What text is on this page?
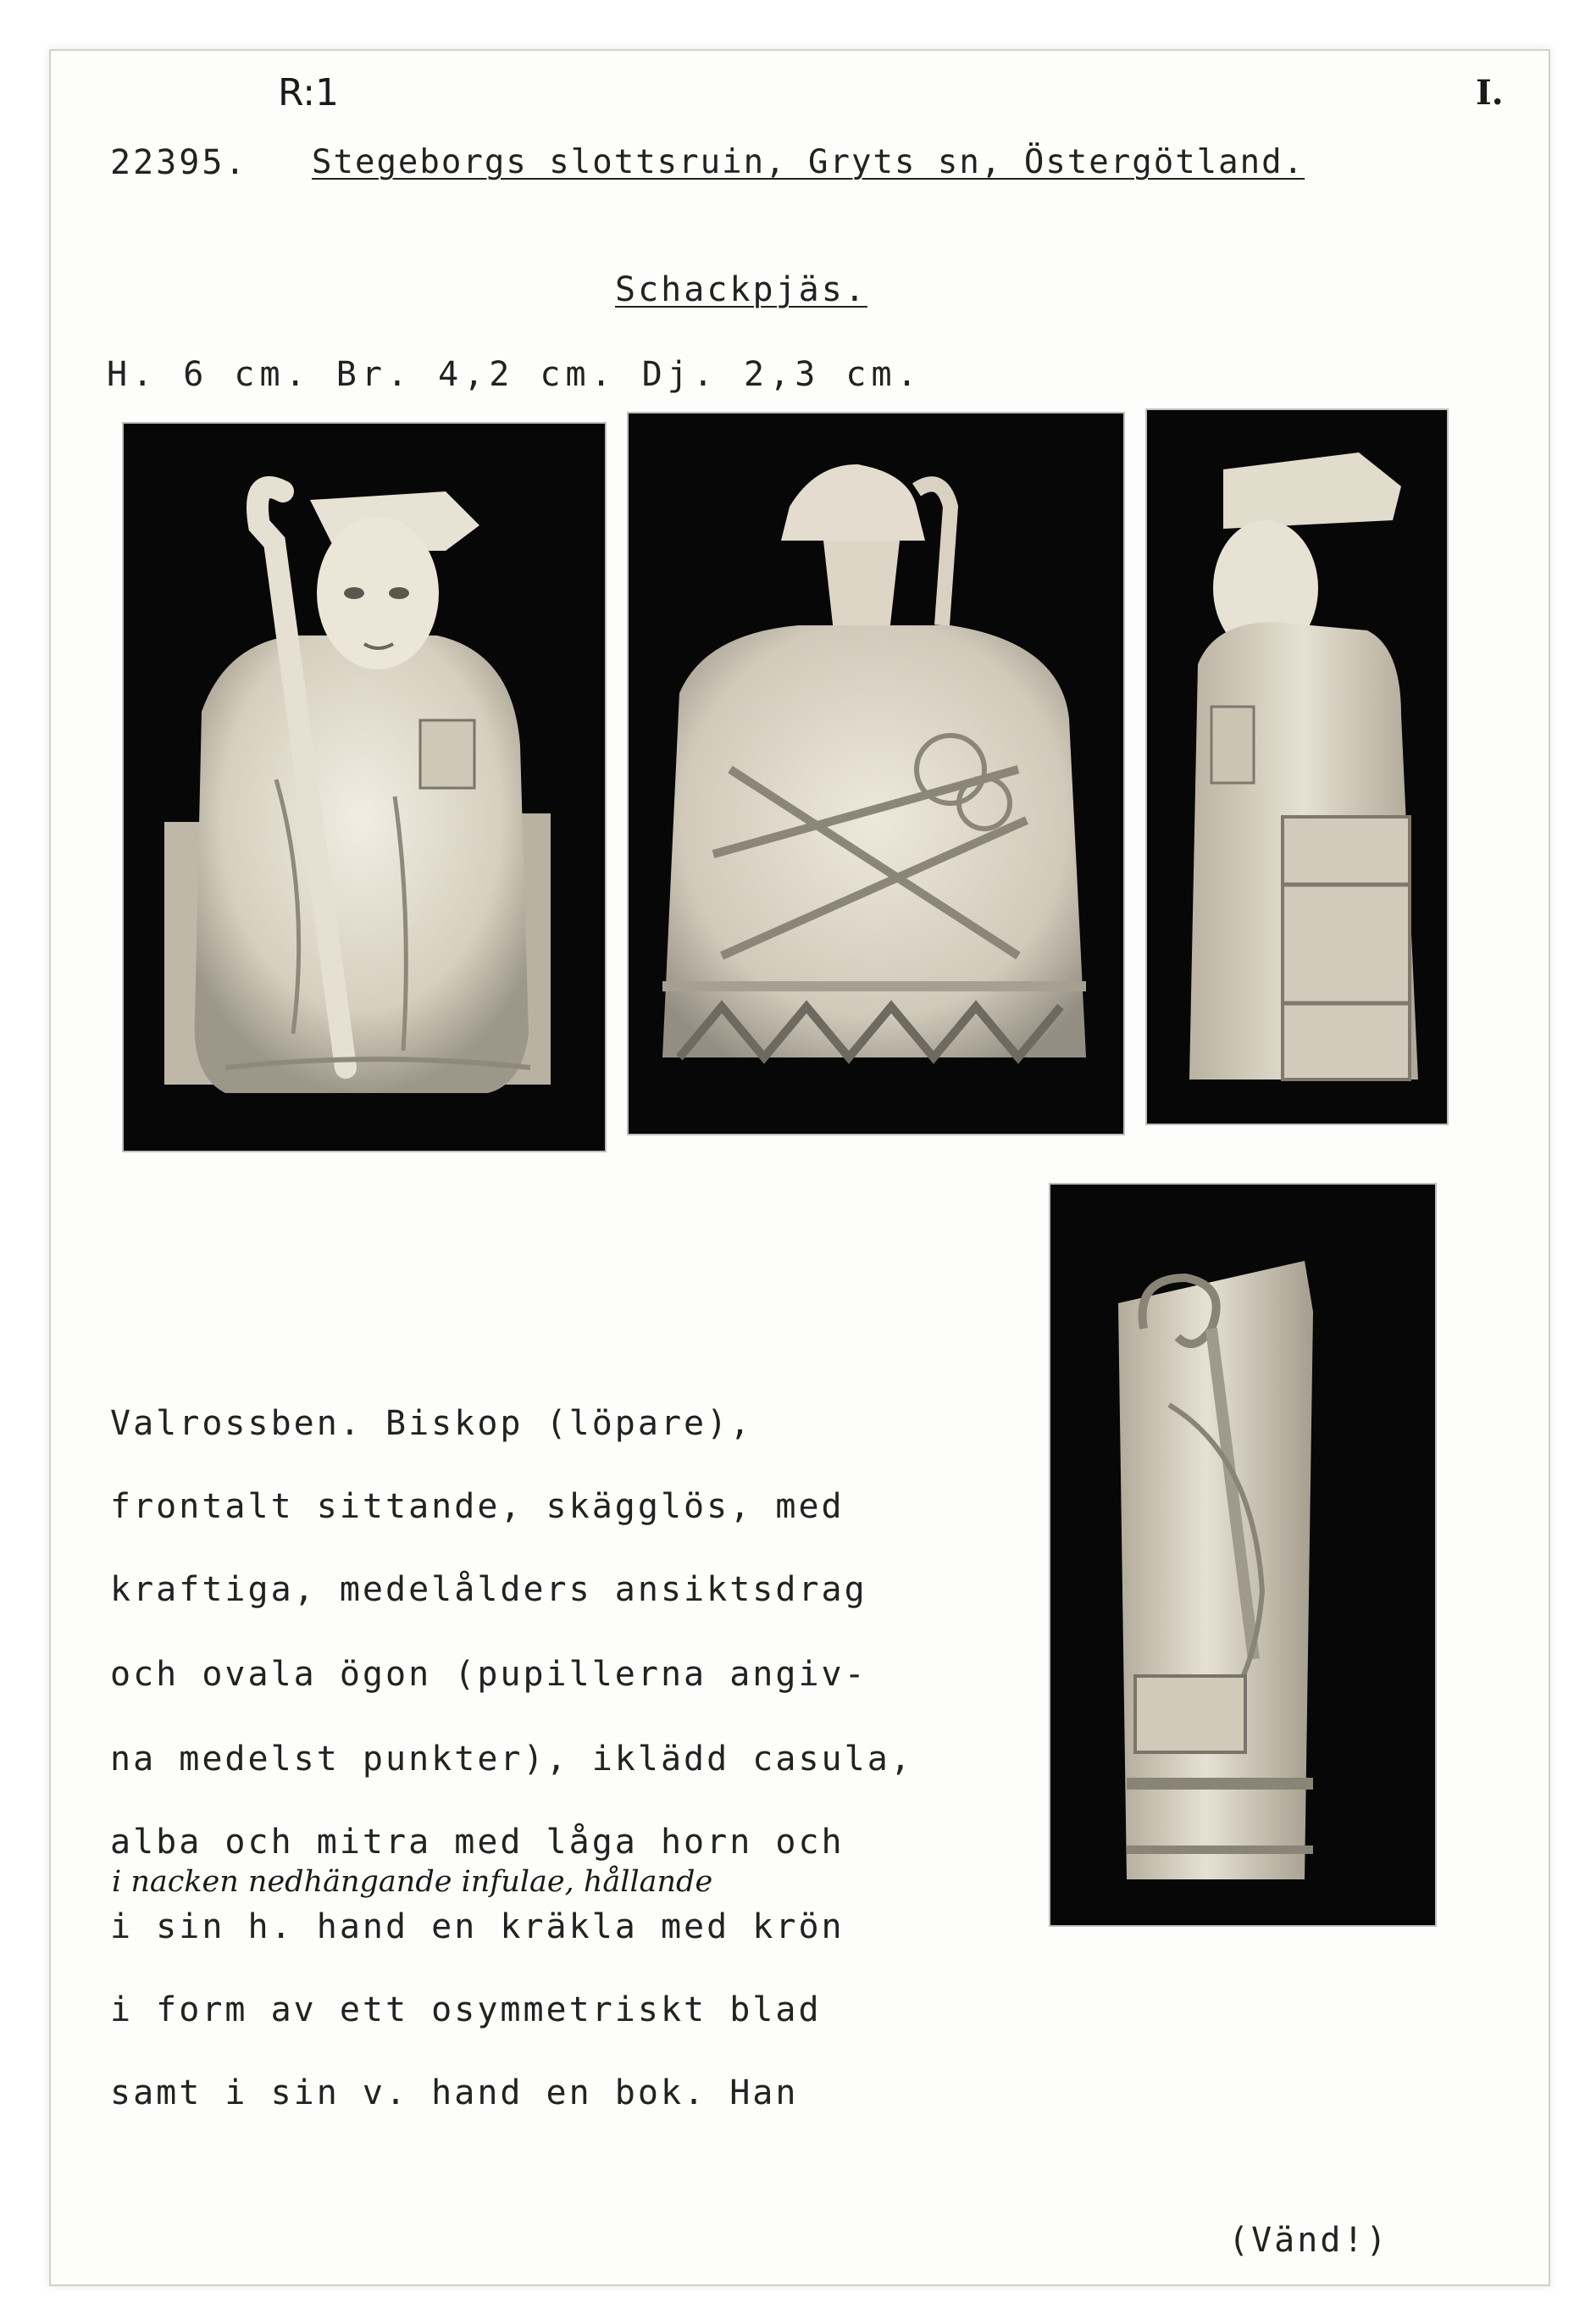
R:1	I.
22395. Stegeborgs slottsruin, Gryts sn, Östergötland.
Schackpjäs.
H. 6 cm. Br. 4,2 cm. Dj. 2,3 cm.
Valrossben. Biskop (löpare),
frontalt sittande, skägglös, med
kraftiga, medelålders ansiktsdrag
och ovala ögon (pupillerna angiv-
na medelst punkter), iklädd casula,
alba och mitra med låga horn och
i nacken nedhängande infulae, hållande
i sin h. hand en kräkla med krön
i form av ett osymmetriskt blad
samt i sin v. hand en bok. Han
(Vänd!)
